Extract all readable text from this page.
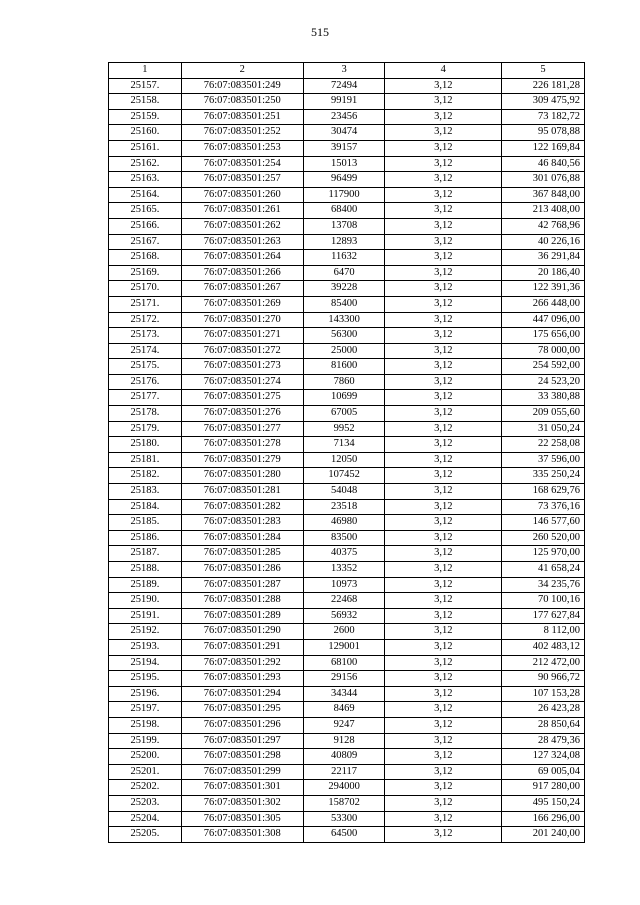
515
1	2	3	4	5
25157.	76:07:083501:249	72494	3,12	226 181,28
25158.	76:07:083501:250	99191	3,12	309 475,92
25159.	76:07:083501:251	23456	3,12	73 182,72
25160.	76:07:083501:252	30474	3,12	95 078,88
25161.	76:07:083501:253	39157	3,12	122 169,84
25162.	76:07:083501:254	15013	3,12	46 840,56
25163.	76:07:083501:257	96499	3,12	301 076,88
25164.	76:07:083501:260	117900	3,12	367 848,00
25165.	76:07:083501:261	68400	3,12	213 408,00
25166.	76:07:083501:262	13708	3,12	42 768,96
25167.	76:07:083501:263	12893	3,12	40 226,16
25168.	76:07:083501:264	11632	3,12	36 291,84
25169.	76:07:083501:266	6470	3,12	20 186,40
25170.	76:07:083501:267	39228	3,12	122 391,36
25171.	76:07:083501:269	85400	3,12	266 448,00
25172.	76:07:083501:270	143300	3,12	447 096,00
25173.	76:07:083501:271	56300	3,12	175 656,00
25174.	76:07:083501:272	25000	3,12	78 000,00
25175.	76:07:083501:273	81600	3,12	254 592,00
25176.	76:07:083501:274	7860	3,12	24 523,20
25177.	76:07:083501:275	10699	3,12	33 380,88
25178.	76:07:083501:276	67005	3,12	209 055,60
25179.	76:07:083501:277	9952	3,12	31 050,24
25180.	76:07:083501:278	7134	3,12	22 258,08
25181.	76:07:083501:279	12050	3,12	37 596,00
25182.	76:07:083501:280	107452	3,12	335 250,24
25183.	76:07:083501:281	54048	3,12	168 629,76
25184.	76:07:083501:282	23518	3,12	73 376,16
25185.	76:07:083501:283	46980	3,12	146 577,60
25186.	76:07:083501:284	83500	3,12	260 520,00
25187.	76:07:083501:285	40375	3,12	125 970,00
25188.	76:07:083501:286	13352	3,12	41 658,24
25189.	76:07:083501:287	10973	3,12	34 235,76
25190.	76:07:083501:288	22468	3,12	70 100,16
25191.	76:07:083501:289	56932	3,12	177 627,84
25192.	76:07:083501:290	2600	3,12	8 112,00
25193.	76:07:083501:291	129001	3,12	402 483,12
25194.	76:07:083501:292	68100	3,12	212 472,00
25195.	76:07:083501:293	29156	3,12	90 966,72
25196.	76:07:083501:294	34344	3,12	107 153,28
25197.	76:07:083501:295	8469	3,12	26 423,28
25198.	76:07:083501:296	9247	3,12	28 850,64
25199.	76:07:083501:297	9128	3,12	28 479,36
25200.	76:07:083501:298	40809	3,12	127 324,08
25201.	76:07:083501:299	22117	3,12	69 005,04
25202.	76:07:083501:301	294000	3,12	917 280,00
25203.	76:07:083501:302	158702	3,12	495 150,24
25204.	76:07:083501:305	53300	3,12	166 296,00
25205.	76:07:083501:308	64500	3,12	201 240,00
